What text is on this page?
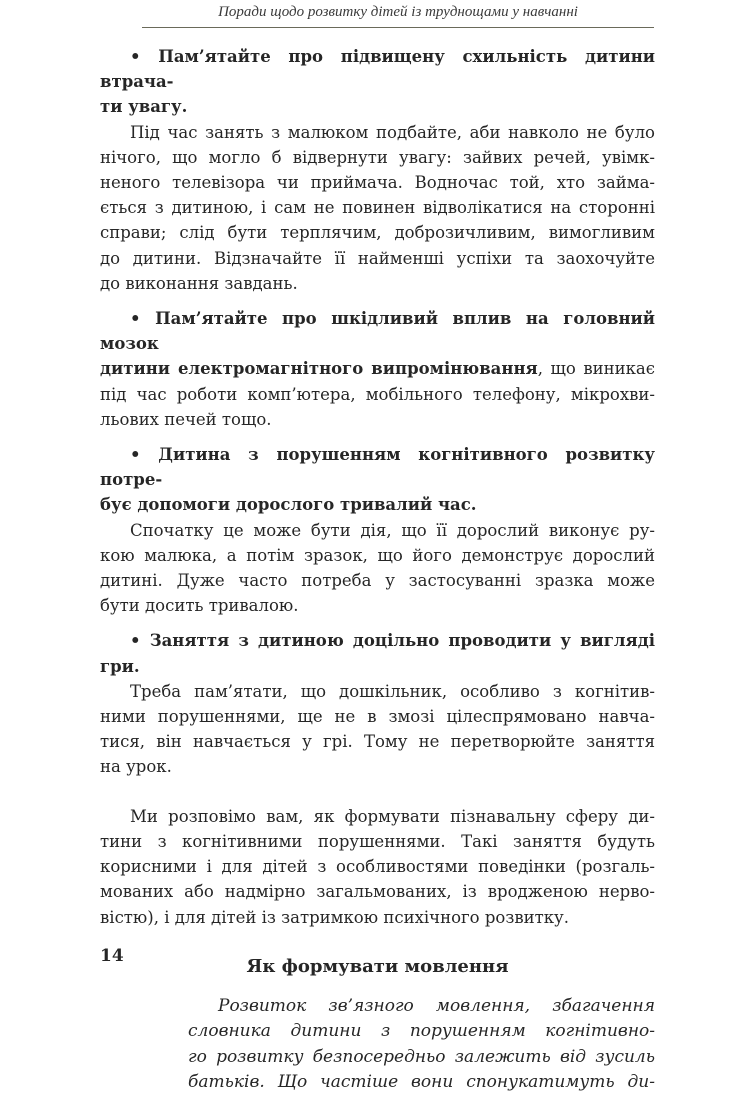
Поради щодо розвитку дітей із труднощами у навчанні

• Пам’ятайте про підвищену схильність дитини втрача-
ти увагу.

Під час занять з малюком подбайте, аби навколо не було
нічого, що могло б відвернути увагу: зайвих речей, увімк-
неного телевізора чи приймача. Водночас той, хто займа-
ється з дитиною, і сам не повинен відволікатися на сторонні
справи; слід бути терплячим, доброзичливим, вимогливим
до дитини. Відзначайте її найменші успіхи та заохочуйте
до виконання завдань.

• Пам’ятайте про шкідливий вплив на головний мозок
дитини електромагнітного випромінювання, що виникає
під час роботи комп’ютера, мобільного телефону, мікрохви-
льових печей тощо.

• Дитина з порушенням когнітивного розвитку потре-
бує допомоги дорослого тривалий час.

Спочатку це може бути дія, що її дорослий виконує ру-
кою малюка, а потім зразок, що його демонструє дорослий
дитині. Дуже часто потреба у застосуванні зразка може
бути досить тривалою.

• Заняття з дитиною доцільно проводити у вигляді гри.

Треба пам’ятати, що дошкільник, особливо з когнітив-
ними порушеннями, ще не в змозі цілеспрямовано навча-
тися, він навчається у грі. Тому не перетворюйте заняття
на урок.

Ми розповімо вам, як формувати пізнавальну сферу ди-
тини з когнітивними порушеннями. Такі заняття будуть
корисними і для дітей з особливостями поведінки (розгаль-
мованих або надмірно загальмованих, із вродженою нерво-
вістю), і для дітей із затримкою психічного розвитку.

Як формувати мовлення

Розвиток зв’язного мовлення, збагачення
словника дитини з порушенням когнітивно-
го розвитку безпосередньо залежить від зусиль
батьків. Що частіше вони спонукатимуть ди-

14
